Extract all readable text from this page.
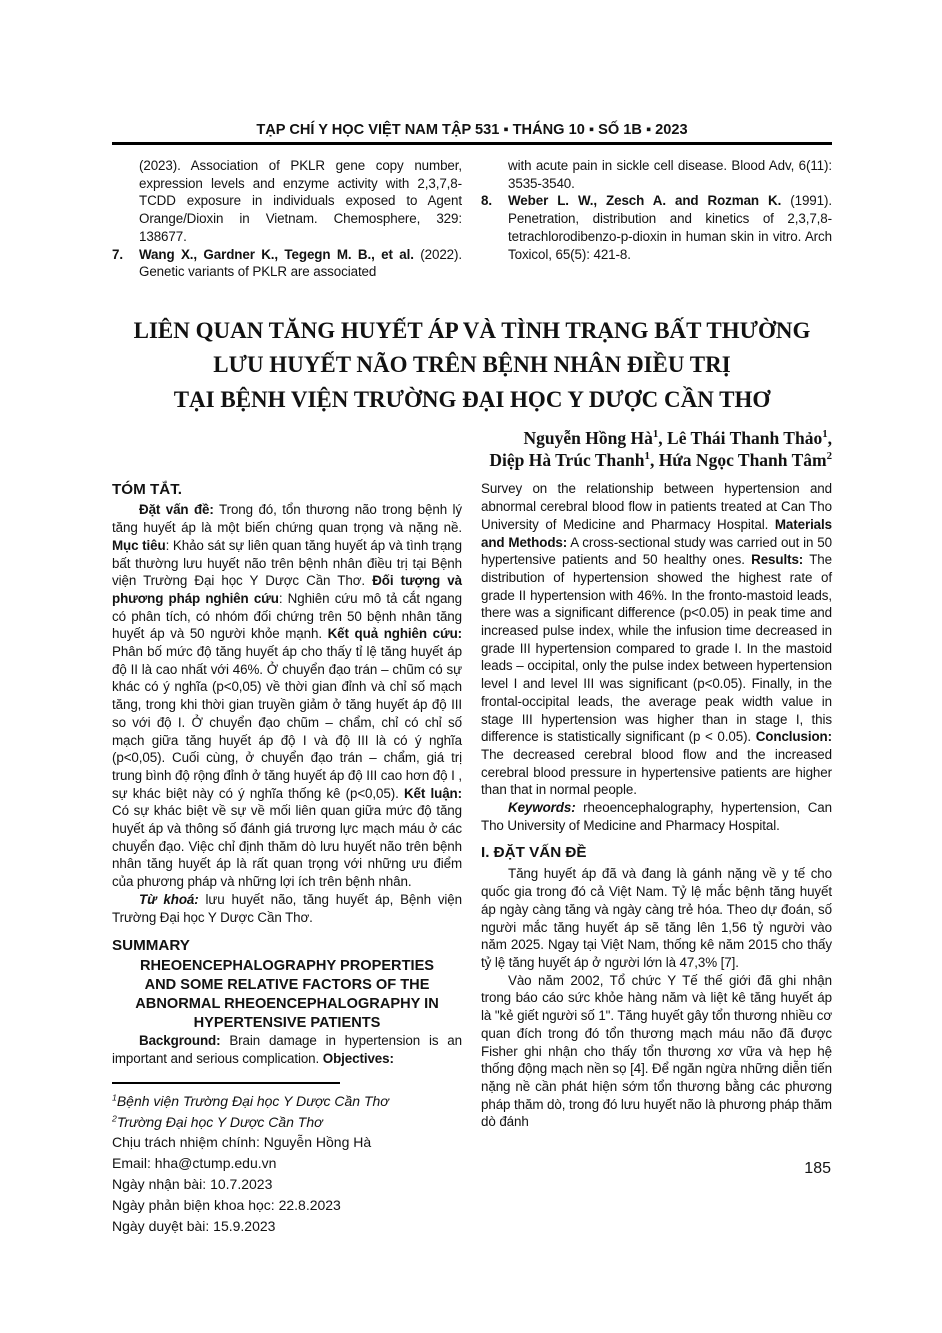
TẠP CHÍ Y HỌC VIỆT NAM TẬP 531 ▪ THÁNG 10 ▪ SỐ 1B ▪ 2023
(2023). Association of PKLR gene copy number, expression levels and enzyme activity with 2,3,7,8-TCDD exposure in individuals exposed to Agent Orange/Dioxin in Vietnam. Chemosphere, 329: 138677.
7. Wang X., Gardner K., Tegegn M. B., et al. (2022). Genetic variants of PKLR are associated
with acute pain in sickle cell disease. Blood Adv, 6(11): 3535-3540.
8. Weber L. W., Zesch A. and Rozman K. (1991). Penetration, distribution and kinetics of 2,3,7,8-tetrachlorodibenzo-p-dioxin in human skin in vitro. Arch Toxicol, 65(5): 421-8.
LIÊN QUAN TĂNG HUYẾT ÁP VÀ TÌNH TRẠNG BẤT THƯỜNG
LƯU HUYẾT NÃO TRÊN BỆNH NHÂN ĐIỀU TRỊ
TẠI BỆNH VIỆN TRƯỜNG ĐẠI HỌC Y DƯỢC CẦN THƠ
Nguyễn Hồng $Hà^1$, Lê Thái Thanh Thảo$^1$,
Diệp Hà Trúc Thanh$^1$, Hứa Ngọc Thanh Tâm$^2$
TÓM TẮT.

Đặt vấn đề: Trong đó, tổn thương não trong bệnh lý tăng huyết áp là một biến chứng quan trọng và nặng nề. Mục tiêu: Khảo sát sự liên quan tăng huyết áp và tình trạng bất thường lưu huyết não trên bệnh nhân điều trị tại Bệnh viện Trường Đại học Y Dược Cần Thơ. Đối tượng và phương pháp nghiên cứu: Nghiên cứu mô tả cắt ngang có phân tích, có nhóm đối chứng trên 50 bệnh nhân tăng huyết áp và 50 người khỏe mạnh. Kết quả nghiên cứu: Phân bố mức độ tăng huyết áp cho thấy tỉ lệ tăng huyết áp độ II là cao nhất với 46%. Ở chuyển đạo trán – chũm có sự khác có ý nghĩa (p<0,05) về thời gian đỉnh và chỉ số mạch tăng, trong khi thời gian truyền giảm ở tăng huyết áp độ III so với độ I. Ở chuyển đạo chũm – chẩm, chỉ có chỉ số mạch giữa tăng huyết áp độ I và độ III là có ý nghĩa (p<0,05). Cuối cùng, ở chuyển đạo trán – chẩm, giá trị trung bình độ rộng đỉnh ở tăng huyết áp độ III cao hơn độ I , sự khác biệt này có ý nghĩa thống kê (p<0,05). Kết luận: Có sự khác biệt về sự về mối liên quan giữa mức độ tăng huyết áp và thông số đánh giá trương lực mạch máu ở các chuyển đạo. Việc chỉ định thăm dò lưu huyết não trên bệnh nhân tăng huyết áp là rất quan trọng với những ưu điểm của phương pháp và những lợi ích trên bệnh nhân.

Từ khoá: lưu huyết não, tăng huyết áp, Bệnh viện Trường Đại học Y Dược Cần Thơ.

SUMMARY
RHEOENCEPHALOGRAPHY PROPERTIES
AND SOME RELATIVE FACTORS OF THE
ABNORMAL RHEOENCEPHALOGRAPHY IN
HYPERTENSIVE PATIENTS

Background: Brain damage in hypertension is an important and serious complication. Objectives:

$^1$Bệnh viện Trường Đại học Y Dược Cần Thơ
$^2$Trường Đại học Y Dược Cần Thơ
Chịu trách nhiệm chính: Nguyễn Hồng Hà
Email: hha@ctump.edu.vn
Ngày nhận bài: 10.7.2023
Ngày phản biện khoa học: 22.8.2023
Ngày duyệt bài: 15.9.2023

Survey on the relationship between hypertension and abnormal cerebral blood flow in patients treated at Can Tho University of Medicine and Pharmacy Hospital. Materials and Methods: A cross-sectional study was carried out in 50 hypertensive patients and 50 healthy ones. Results: The distribution of hypertension showed the highest rate of grade II hypertension with 46%. In the fronto-mastoid leads, there was a significant difference (p<0.05) in peak time and increased pulse index, while the infusion time decreased in grade III hypertension compared to grade I. In the mastoid leads – occipital, only the pulse index between hypertension level I and level III was significant (p<0.05). Finally, in the frontal-occipital leads, the average peak width value in stage III hypertension was higher than in stage I, this difference is statistically significant (p < 0.05). Conclusion: The decreased cerebral blood flow and the increased cerebral blood pressure in hypertensive patients are higher than that in normal people.

Keywords: rheoencephalography, hypertension, Can Tho University of Medicine and Pharmacy Hospital.

I. ĐẶT VẤN ĐỀ

Tăng huyết áp đã và đang là gánh nặng về y tế cho quốc gia trong đó cả Việt Nam. Tỷ lệ mắc bệnh tăng huyết áp ngày càng tăng và ngày càng trẻ hóa. Theo dự đoán, số người mắc tăng huyết áp sẽ tăng lên 1,56 tỷ người vào năm 2025. Ngay tại Việt Nam, thống kê năm 2015 cho thấy tỷ lệ tăng huyết áp ở người lớn là 47,3% [7].

Vào năm 2002, Tổ chức Y Tế thế giới đã ghi nhận trong báo cáo sức khỏe hàng năm và liệt kê tăng huyết áp là "kẻ giết người số 1". Tăng huyết gây tổn thương nhiều cơ quan đích trong đó tổn thương mạch máu não đã được Fisher ghi nhận cho thấy tổn thương xơ vữa và hẹp hệ thống động mạch nền sọ [4]. Để ngăn ngừa những diễn tiến nặng nề cần phát hiện sớm tổn thương bằng các phương pháp thăm dò, trong đó lưu huyết não là phương pháp thăm dò đánh

185
